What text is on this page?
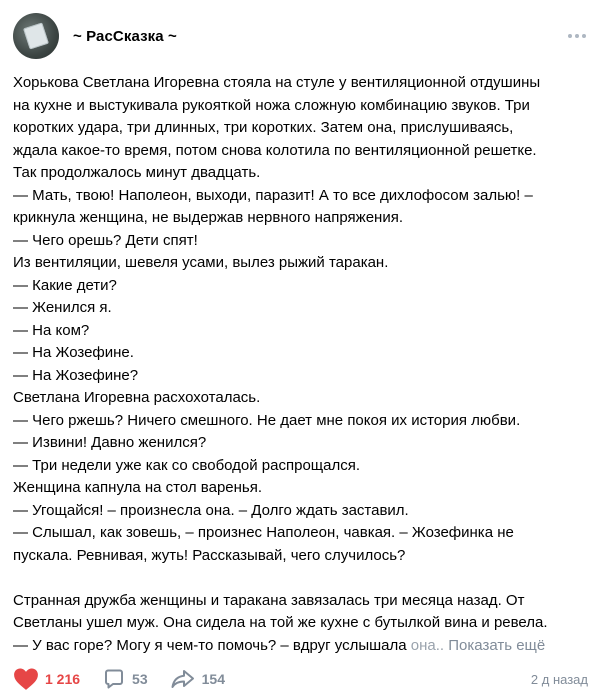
~ РасСказка ~
Хорькова Светлана Игоревна стояла на стуле у вентиляционной отдушины
на кухне и выстукивала рукояткой ножа сложную комбинацию звуков. Три
коротких удара, три длинных, три коротких. Затем она, прислушиваясь,
ждала какое-то время, потом снова колотила по вентиляционной решетке.
Так продолжалось минут двадцать.
— Мать, твою! Наполеон, выходи, паразит! А то все дихлофосом залью! –
крикнула женщина, не выдержав нервного напряжения.
— Чего орешь? Дети спят!
Из вентиляции, шевеля усами, вылез рыжий таракан.
— Какие дети?
— Женился я.
— На ком?
— На Жозефине.
— На Жозефине?
Светлана Игоревна расхохоталась.
— Чего ржешь? Ничего смешного. Не дает мне покоя их история любви.
— Извини! Давно женился?
— Три недели уже как со свободой распрощался.
Женщина капнула на стол варенья.
— Угощайся! – произнесла она. – Долго ждать заставил.
— Слышал, как зовешь, – произнес Наполеон, чавкая. – Жозефинка не
пускала. Ревнивая, жуть! Рассказывай, чего случилось?
Странная дружба женщины и таракана завязалась три месяца назад. От
Светланы ушел муж. Она сидела на той же кухне с бутылкой вина и ревела.
— У вас горе? Могу я чем-то помочь? – вдруг услышала она.. Показать ещё
1 216	53	154	2 д назад
